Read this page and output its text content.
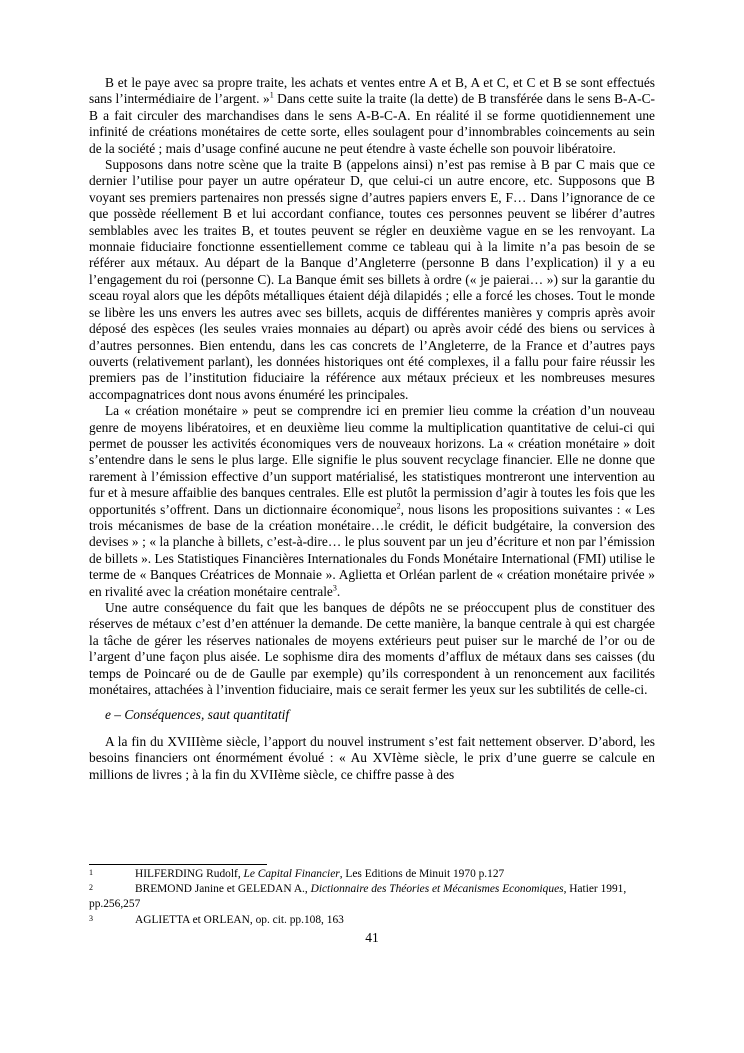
B et le paye avec sa propre traite, les achats et ventes entre A et B, A et C, et C et B se sont effectués sans l’intermédiaire de l’argent. »$^1$ Dans cette suite la traite (la dette) de B transférée dans le sens B-A-C-B a fait circuler des marchandises dans le sens A-B-C-A. En réalité il se forme quotidiennement une infinité de créations monétaires de cette sorte, elles soulagent pour d’innombrables coincements au sein de la société ; mais d’usage confiné aucune ne peut étendre à vaste échelle son pouvoir libératoire.

Supposons dans notre scène que la traite B (appelons ainsi) n’est pas remise à B par C mais que ce dernier l’utilise pour payer un autre opérateur D, que celui-ci un autre encore, etc. Supposons que B voyant ses premiers partenaires non pressés signe d’autres papiers envers E, F… Dans l’ignorance de ce que possède réellement B et lui accordant confiance, toutes ces personnes peuvent se libérer d’autres semblables avec les traites B, et toutes peuvent se régler en deuxième vague en se les renvoyant. La monnaie fiduciaire fonctionne essentiellement comme ce tableau qui à la limite n’a pas besoin de se référer aux métaux. Au départ de la Banque d’Angleterre (personne B dans l’explication) il y a eu l’engagement du roi (personne C). La Banque émit ses billets à ordre (« je paierai… ») sur la garantie du sceau royal alors que les dépôts métalliques étaient déjà dilapidés ; elle a forcé les choses. Tout le monde se libère les uns envers les autres avec ses billets, acquis de différentes manières y compris après avoir déposé des espèces (les seules vraies monnaies au départ) ou après avoir cédé des biens ou services à d’autres personnes. Bien entendu, dans les cas concrets de l’Angleterre, de la France et d’autres pays ouverts (relativement parlant), les données historiques ont été complexes, il a fallu pour faire réussir les premiers pas de l’institution fiduciaire la référence aux métaux précieux et les nombreuses mesures accompagnatrices dont nous avons énuméré les principales.

La « création monétaire » peut se comprendre ici en premier lieu comme la création d’un nouveau genre de moyens libératoires, et en deuxième lieu comme la multiplication quantitative de celui-ci qui permet de pousser les activités économiques vers de nouveaux horizons. La « création monétaire » doit s’entendre dans le sens le plus large. Elle signifie le plus souvent recyclage financier. Elle ne donne que rarement à l’émission effective d’un support matérialisé, les statistiques montreront une intervention au fur et à mesure affaiblie des banques centrales. Elle est plutôt la permission d’agir à toutes les fois que les opportunités s’offrent. Dans un dictionnaire économique$^2$, nous lisons les propositions suivantes : « Les trois mécanismes de base de la création monétaire…le crédit, le déficit budgétaire, la conversion des devises » ; « la planche à billets, c’est-à-dire… le plus souvent par un jeu d’écriture et non par l’émission de billets ». Les Statistiques Financières Internationales du Fonds Monétaire International (FMI) utilise le terme de « Banques Créatrices de Monnaie ». Aglietta et Orléan parlent de « création monétaire privée » en rivalité avec la création monétaire centrale$^3$.

Une autre conséquence du fait que les banques de dépôts ne se préoccupent plus de constituer des réserves de métaux c’est d’en atténuer la demande. De cette manière, la banque centrale à qui est chargée la tâche de gérer les réserves nationales de moyens extérieurs peut puiser sur le marché de l’or ou de l’argent d’une façon plus aisée. Le sophisme dira des moments d’afflux de métaux dans ses caisses (du temps de Poincaré ou de de Gaulle par exemple) qu’ils correspondent à un renoncement aux facilités monétaires, attachées à l’invention fiduciaire, mais ce serait fermer les yeux sur les subtilités de celle-ci.

e – Conséquences, saut quantitatif

A la fin du XVIIIème siècle, l’apport du nouvel instrument s’est fait nettement observer. D’abord, les besoins financiers ont énormément évolué : « Au XVIème siècle, le prix d’une guerre se calcule en millions de livres ; à la fin du XVIIème siècle, ce chiffre passe à des

1	HILFERDING Rudolf, Le Capital Financier, Les Editions de Minuit 1970 p.127
2	BREMOND Janine et GELEDAN A., Dictionnaire des Théories et Mécanismes Economiques, Hatier 1991, pp.256,257
3	AGLIETTA et ORLEAN, op. cit. pp.108, 163
41
